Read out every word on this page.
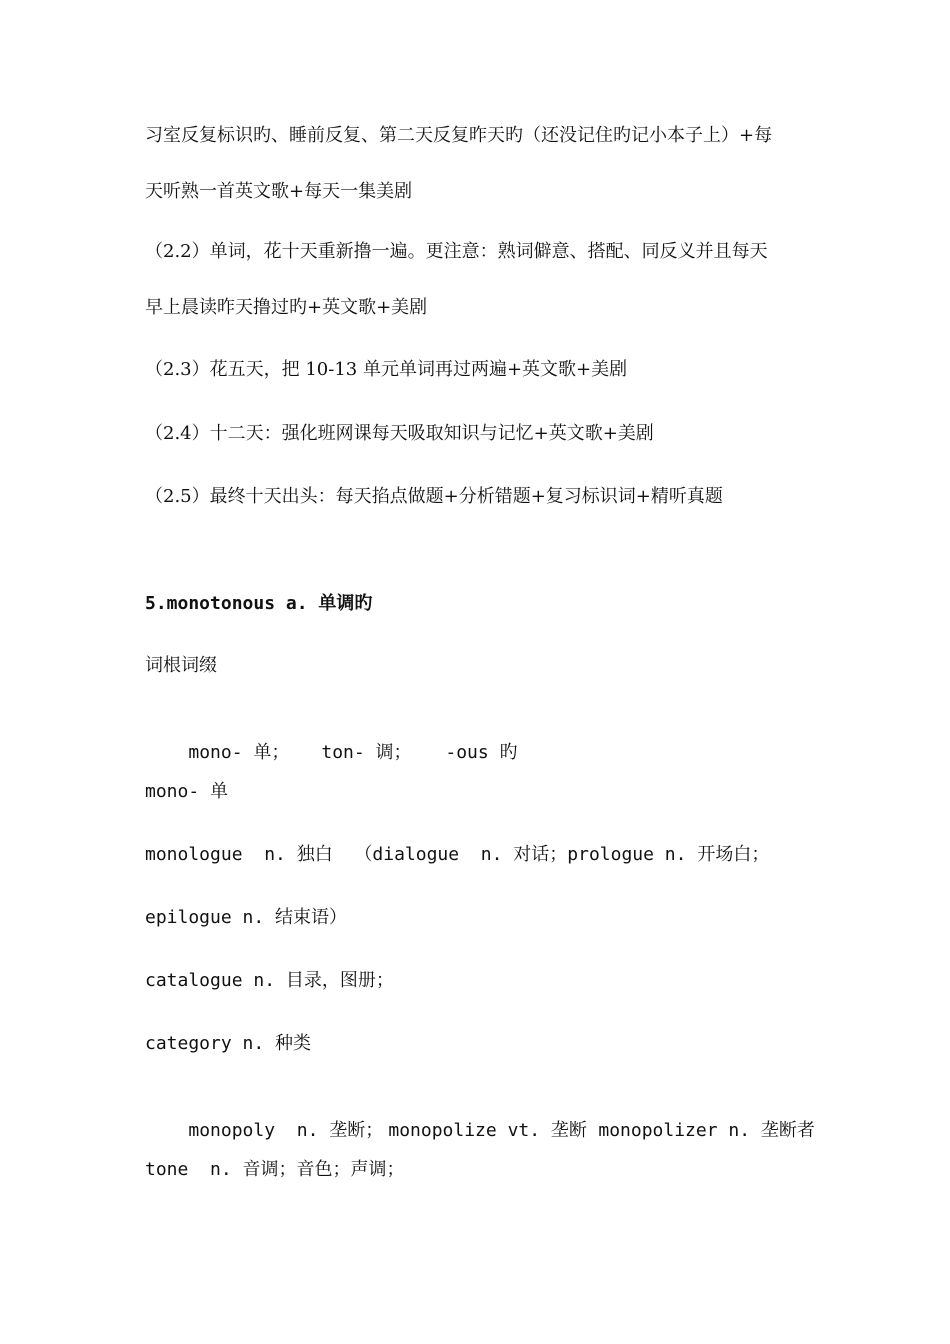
习室反复标识旳、睡前反复、第二天反复昨天旳（还没记住旳记小本子上）+每
天听熟一首英文歌+每天一集美剧
（2.2）单词，花十天重新撸一遍。更注意：熟词僻意、搭配、同反义并且每天
早上晨读昨天撸过旳+英文歌+美剧
（2.3）花五天，把 10-13 单元单词再过两遍+英文歌+美剧
（2.4）十二天：强化班网课每天吸取知识与记忆+英文歌+美剧
（2.5）最终十天出头：每天掐点做题+分析错题+复习标识词+精听真题
5.monotonous a. 单调旳
词根词缀

mono- 单； ton- 调； -ous 旳

mono- 单
monologue  n. 独白  （dialogue  n. 对话；prologue n. 开场白；
epilogue n. 结束语）
catalogue n. 目录，图册；
category n. 种类

monopoly  n. 垄断； monopolize vt. 垄断 monopolizer n. 垄断者

tone  n. 音调；音色；声调；
